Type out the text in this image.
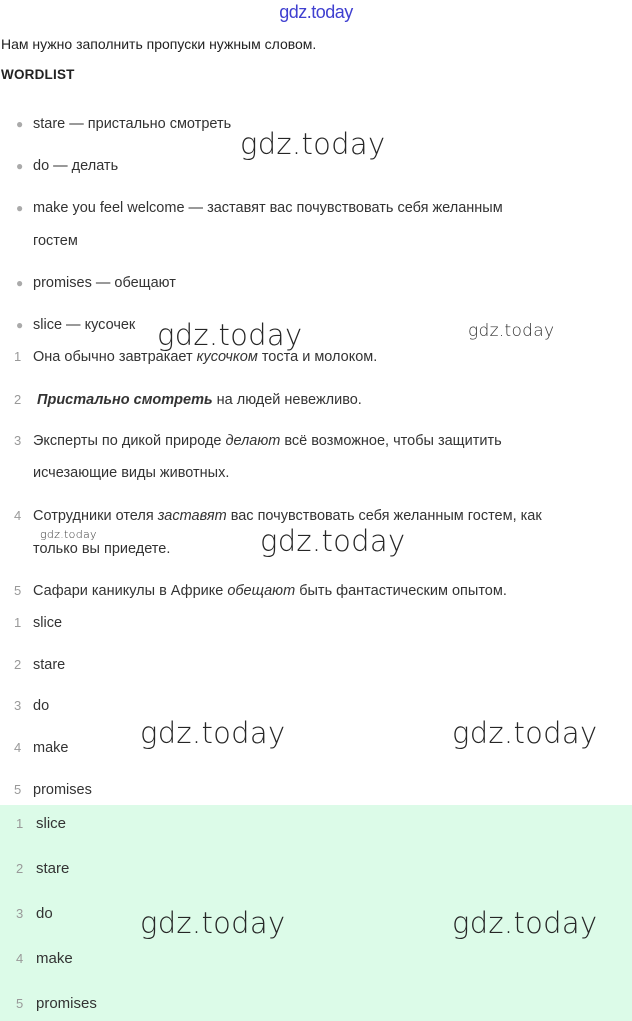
gdz.today
Нам нужно заполнить пропуски нужным словом.
WORDLIST
● stare — пристально смотреть
● do — делать
● make you feel welcome — заставят вас почувствовать себя желанным
гостем
● promises — обещают
● slice — кусочек
1 Она обычно завтракает кусочком тоста и молоком.
2 Пристально смотреть на людей невежливо.
3 Эксперты по дикой природе делают всё возможное, чтобы защитить
исчезающие виды животных.
4 Сотрудники отеля заставят вас почувствовать себя желанным гостем, как
только вы приедете.
5 Сафари каникулы в Африке обещают быть фантастическим опытом.
1 slice
2 stare
3 do
4 make
5 promises
1 slice
2 stare
3 do
4 make
5 promises
gdz.today
gdz.today	gdz.today
gdz.today	gdz.today
gdz.today	gdz.today
gdz.today	gdz.today
